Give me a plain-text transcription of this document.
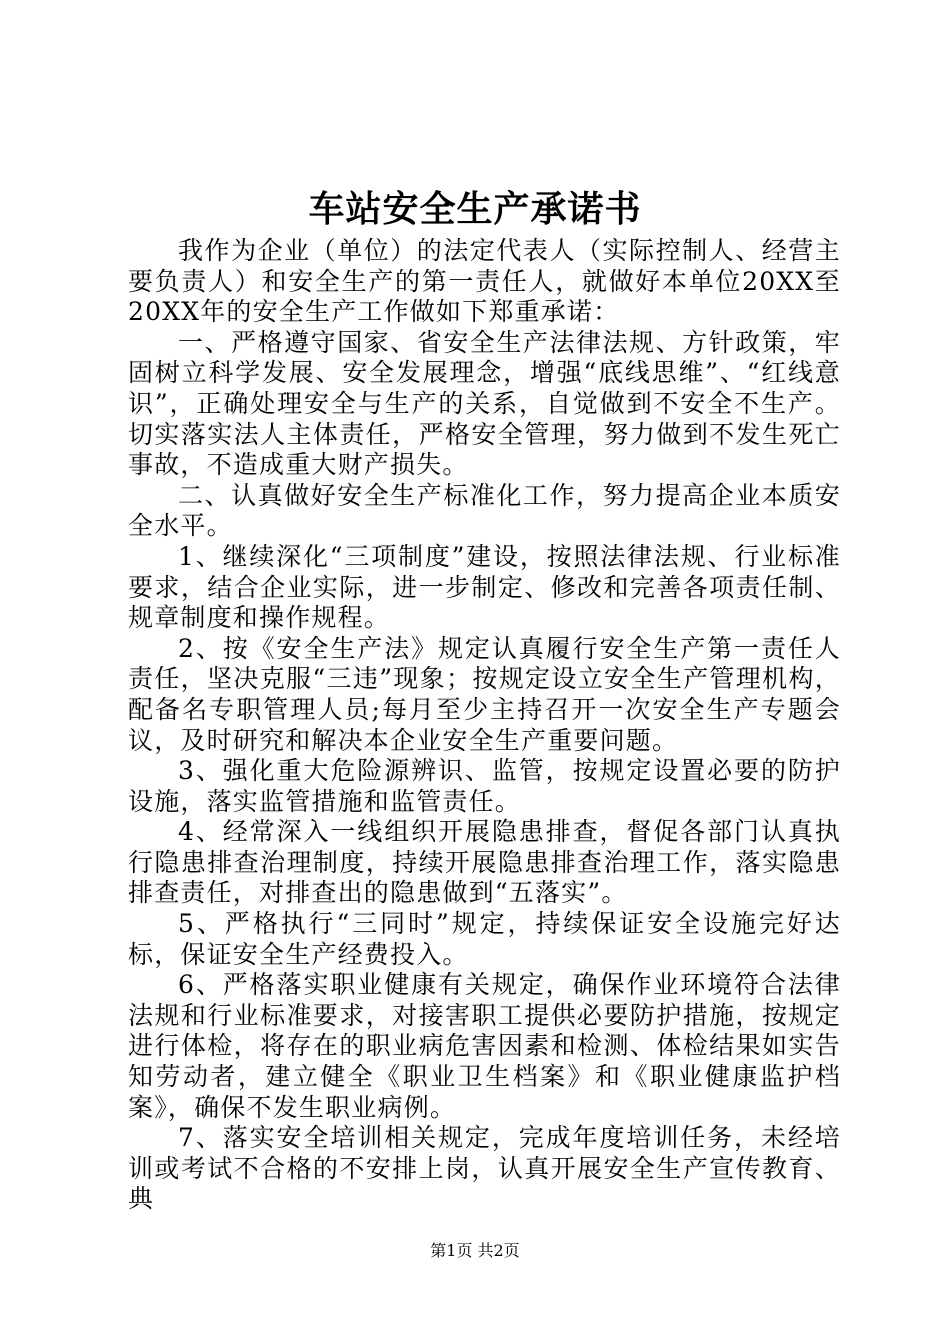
车站安全生产承诺书

我作为企业（单位）的法定代表人（实际控制人、经营主要负责人）和安全生产的第一责任人，就做好本单位20XX至20XX年的安全生产工作做如下郑重承诺：

一、严格遵守国家、省安全生产法律法规、方针政策，牢固树立科学发展、安全发展理念，增强“底线思维”、“红线意识”，正确处理安全与生产的关系，自觉做到不安全不生产。切实落实法人主体责任，严格安全管理，努力做到不发生死亡事故，不造成重大财产损失。

二、认真做好安全生产标准化工作，努力提高企业本质安全水平。

1、继续深化“三项制度”建设，按照法律法规、行业标准要求，结合企业实际，进一步制定、修改和完善各项责任制、规章制度和操作规程。

2、按《安全生产法》规定认真履行安全生产第一责任人责任，坚决克服“三违”现象；按规定设立安全生产管理机构，配备名专职管理人员;每月至少主持召开一次安全生产专题会议，及时研究和解决本企业安全生产重要问题。

3、强化重大危险源辨识、监管，按规定设置必要的防护设施，落实监管措施和监管责任。

4、经常深入一线组织开展隐患排查，督促各部门认真执行隐患排查治理制度，持续开展隐患排查治理工作，落实隐患排查责任，对排查出的隐患做到“五落实”。

5、严格执行“三同时”规定，持续保证安全设施完好达标，保证安全生产经费投入。

6、严格落实职业健康有关规定，确保作业环境符合法律法规和行业标准要求，对接害职工提供必要防护措施，按规定进行体检，将存在的职业病危害因素和检测、体检结果如实告知劳动者，建立健全《职业卫生档案》和《职业健康监护档案》，确保不发生职业病例。

7、落实安全培训相关规定，完成年度培训任务，未经培训或考试不合格的不安排上岗，认真开展安全生产宣传教育、典

第1页 共2页
